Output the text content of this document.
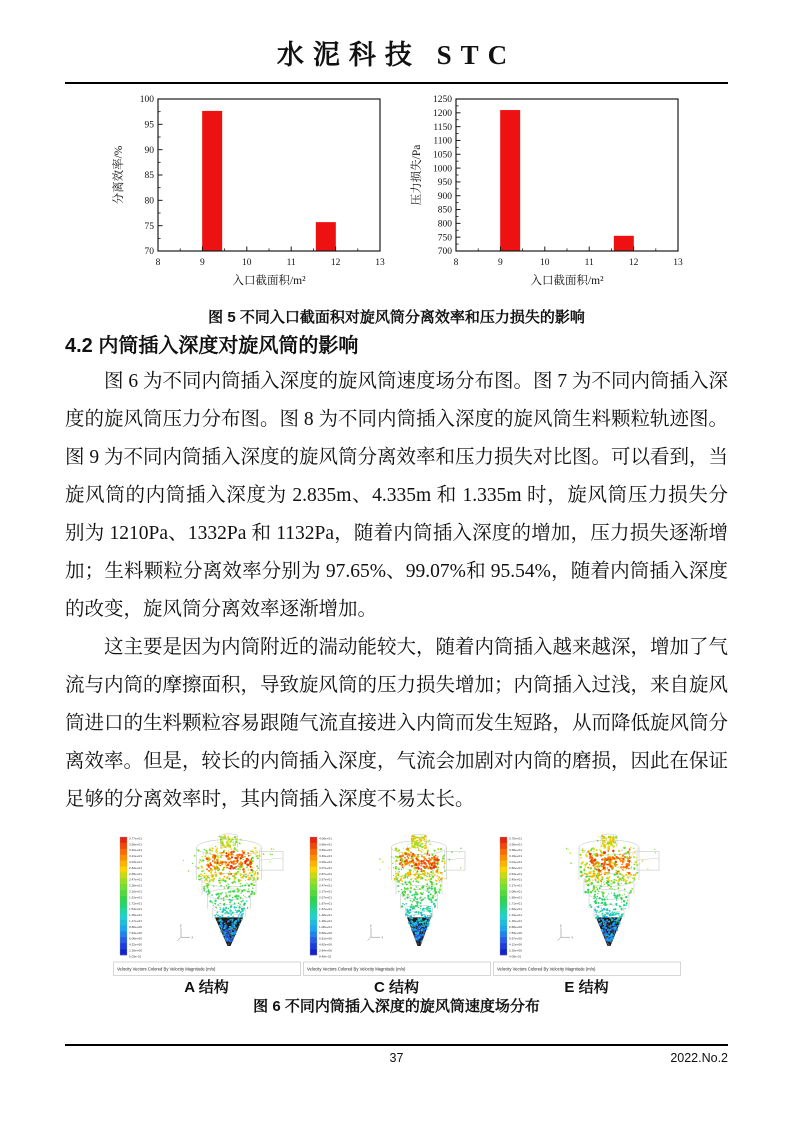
水泥科技 STC
8	9	10	11	12	13
70
75
80
85
90
95
100
入口截面积/m²
分离效率/%
8	9	10	11	12	13
700
750
800
850
900
950
1000
1050
1100
1150
1200
1250
入口截面积/m²
压力损失/Pa
图 5 不同入口截面积对旋风筒分离效率和压力损失的影响
4.2 内筒插入深度对旋风筒的影响

图 6 为不同内筒插入深度的旋风筒速度场分布图。图 7 为不同内筒插入深度的旋风筒压力分布图。图 8 为不同内筒插入深度的旋风筒生料颗粒轨迹图。图 9 为不同内筒插入深度的旋风筒分离效率和压力损失对比图。可以看到，当旋风筒的内筒插入深度为 2.835m、4.335m 和 1.335m 时，旋风筒压力损失分别为 1210Pa、1332Pa 和 1132Pa，随着内筒插入深度的增加，压力损失逐渐增加；生料颗粒分离效率分别为 97.65%、99.07%和 95.54%，随着内筒插入深度的改变，旋风筒分离效率逐渐增加。

这主要是因为内筒附近的湍动能较大，随着内筒插入越来越深，增加了气流与内筒的摩擦面积，导致旋风筒的压力损失增加；内筒插入过浅，来自旋风筒进口的生料颗粒容易跟随气流直接进入内筒而发生短路，从而降低旋风筒分离效率。但是，较长的内筒插入深度，气流会加剧对内筒的磨损，因此在保证足够的分离效率时，其内筒插入深度不易太长。

3.77e+01
3.58e+01
3.40e+01
3.21e+01
3.03e+01
2.84e+01
2.65e+01
2.47e+01
2.28e+01
2.10e+01
1.91e+01
1.72e+01
1.54e+01
1.35e+01
1.17e+01
9.80e+00
7.94e+00
6.08e+00
4.22e+00
2.36e+00
5.03e-01
x
y
Velocity Vectors Colored By Velocity Magnitude (m/s)
A 结构
4.06e+01
3.86e+01
3.66e+01
3.46e+01
3.26e+01
3.07e+01
2.87e+01
2.67e+01
2.47e+01
2.27e+01
2.07e+01
1.87e+01
1.67e+01
1.48e+01
1.28e+01
1.08e+01
8.80e+00
6.81e+00
4.82e+00
2.84e+00
8.48e-01
x
y
Velocity Vectors Colored By Velocity Magnitude (m/s)
C 结构
3.75e+01
3.56e+01
3.38e+01
3.19e+01
3.01e+01
2.82e+01
2.64e+01
2.45e+01
2.27e+01
2.08e+01
1.90e+01
1.71e+01
1.52e+01
1.34e+01
1.15e+01
9.68e+00
7.83e+00
5.97e+00
4.12e+00
2.26e+00
4.09e-01
x
y
Velocity Vectors Colored By Velocity Magnitude (m/s)
E 结构
图 6 不同内筒插入深度的旋风筒速度场分布
37	2022.No.2
